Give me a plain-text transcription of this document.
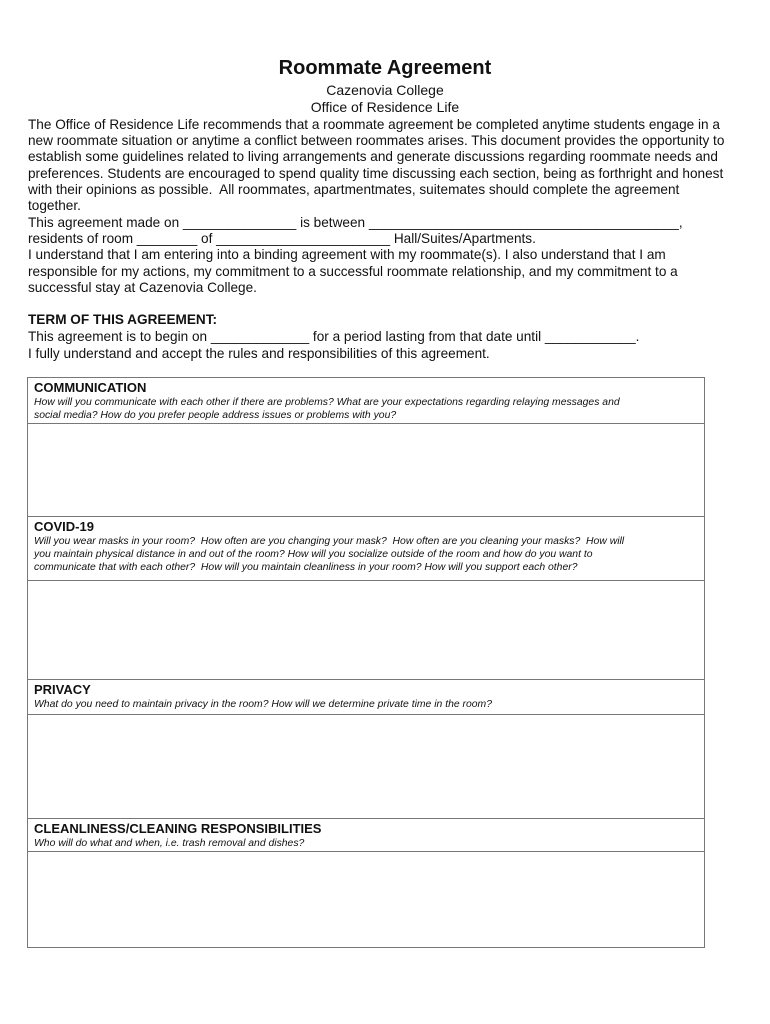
Roommate Agreement
Cazenovia College
Office of Residence Life
The Office of Residence Life recommends that a roommate agreement be completed anytime students engage in a
new roommate situation or anytime a conflict between roommates arises. This document provides the opportunity to
establish some guidelines related to living arrangements and generate discussions regarding roommate needs and
preferences. Students are encouraged to spend quality time discussing each section, being as forthright and honest
with their opinions as possible.  All roommates, apartmentmates, suitemates should complete the agreement
together.
This agreement made on _______________ is between _________________________________________,
residents of room ________ of _______________________ Hall/Suites/Apartments.
I understand that I am entering into a binding agreement with my roommate(s). I also understand that I am
responsible for my actions, my commitment to a successful roommate relationship, and my commitment to a
successful stay at Cazenovia College.
TERM OF THIS AGREEMENT:
This agreement is to begin on _____________ for a period lasting from that date until ____________.
I fully understand and accept the rules and responsibilities of this agreement.
COMMUNICATION
How will you communicate with each other if there are problems? What are your expectations regarding relaying messages and
social media? How do you prefer people address issues or problems with you?
COVID-19
Will you wear masks in your room?  How often are you changing your mask?  How often are you cleaning your masks?  How will
you maintain physical distance in and out of the room? How will you socialize outside of the room and how do you want to
communicate that with each other?  How will you maintain cleanliness in your room? How will you support each other?
PRIVACY
What do you need to maintain privacy in the room? How will we determine private time in the room?
CLEANLINESS/CLEANING RESPONSIBILITIES
Who will do what and when, i.e. trash removal and dishes?
